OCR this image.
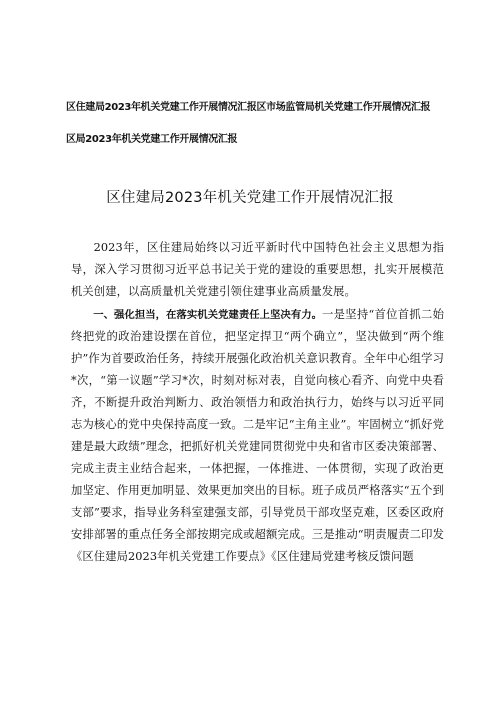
区住建局2023年机关党建工作开展情况汇报区市场监管局机关党建工作开展情况汇报
区局2023年机关党建工作开展情况汇报
区住建局2023年机关党建工作开展情况汇报

2023年，区住建局始终以习近平新时代中国特色社会主义思想为指导，深入学习贯彻习近平总书记关于党的建设的重要思想，扎实开展模范机关创建，以高质量机关党建引领住建事业高质量发展。

一、强化担当，在落实机关党建责任上坚决有力。一是坚持“首位首抓二始终把党的政治建设摆在首位，把坚定捍卫“两个确立”，坚决做到“两个维护”作为首要政治任务，持续开展强化政治机关意识教育。全年中心组学习*次，“第一议题”学习*次，时刻对标对表，自觉向核心看齐、向党中央看齐，不断提升政治判断力、政治领悟力和政治执行力，始终与以习近平同志为核心的党中央保持高度一致。二是牢记“主角主业”。牢固树立“抓好党建是最大政绩”理念，把抓好机关党建同贯彻党中央和省市区委决策部署、完成主责主业结合起来，一体把握，一体推进、一体贯彻，实现了政治更加坚定、作用更加明显、效果更加突出的目标。班子成员严格落实“五个到支部”要求，指导业务科室建强支部，引导党员干部攻坚克难，区委区政府安排部署的重点任务全部按期完成或超额完成。三是推动“明责履责二印发《区住建局2023年机关党建工作要点》《区住建局党建考核反馈问题
